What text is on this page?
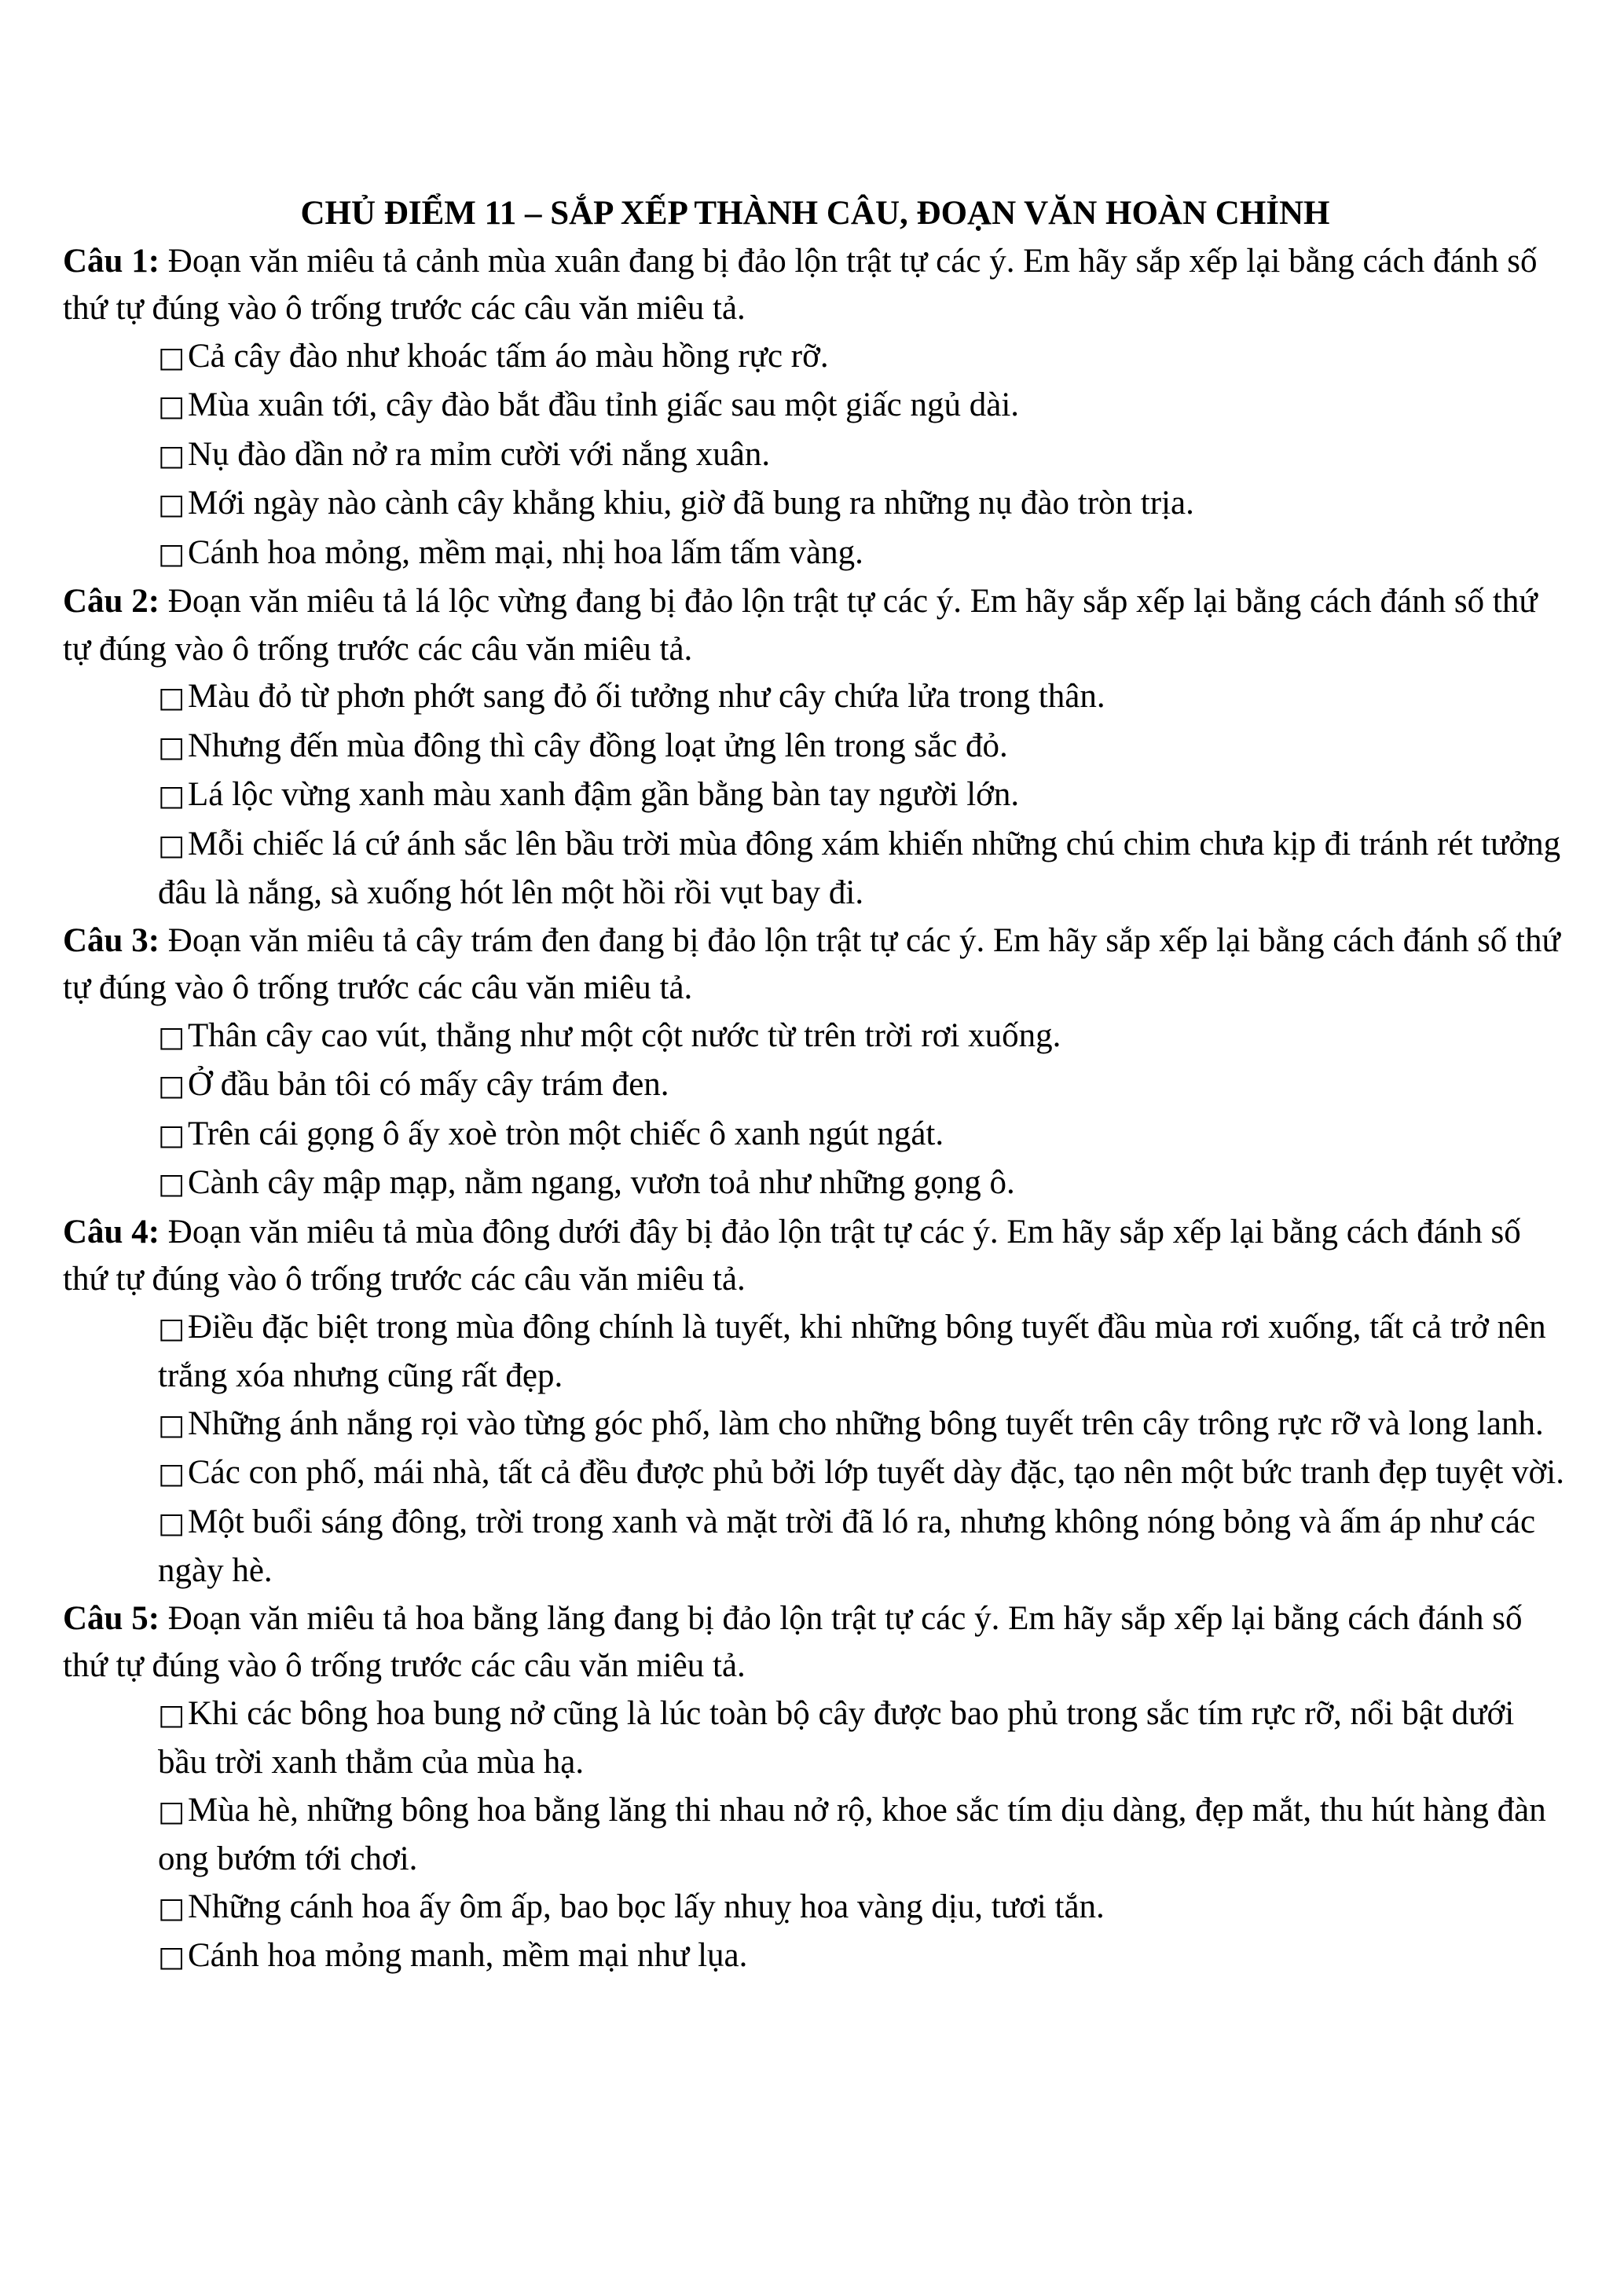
CHỦ ĐIỂM 11 – SẮP XẾP THÀNH CÂU, ĐOẠN VĂN HOÀN CHỈNH

Câu 1: Đoạn văn miêu tả cảnh mùa xuân đang bị đảo lộn trật tự các ý. Em hãy sắp xếp lại bằng cách đánh số thứ tự đúng vào ô trống trước các câu văn miêu tả.

□Cả cây đào như khoác tấm áo màu hồng rực rỡ.
□Mùa xuân tới, cây đào bắt đầu tỉnh giấc sau một giấc ngủ dài.
□Nụ đào dần nở ra mỉm cười với nắng xuân.
□Mới ngày nào cành cây khẳng khiu, giờ đã bung ra những nụ đào tròn trịa.
□Cánh hoa mỏng, mềm mại, nhị hoa lấm tấm vàng.

Câu 2: Đoạn văn miêu tả lá lộc vừng đang bị đảo lộn trật tự các ý. Em hãy sắp xếp lại bằng cách đánh số thứ tự đúng vào ô trống trước các câu văn miêu tả.

□Màu đỏ từ phơn phớt sang đỏ ối tưởng như cây chứa lửa trong thân.
□Nhưng đến mùa đông thì cây đồng loạt ửng lên trong sắc đỏ.
□Lá lộc vừng xanh màu xanh đậm gần bằng bàn tay người lớn.
□Mỗi chiếc lá cứ ánh sắc lên bầu trời mùa đông xám khiến những chú chim chưa kịp đi tránh rét tưởng đâu là nắng, sà xuống hót lên một hồi rồi vụt bay đi.

Câu 3: Đoạn văn miêu tả cây trám đen đang bị đảo lộn trật tự các ý. Em hãy sắp xếp lại bằng cách đánh số thứ tự đúng vào ô trống trước các câu văn miêu tả.

□Thân cây cao vút, thẳng như một cột nước từ trên trời rơi xuống.
□Ở đầu bản tôi có mấy cây trám đen.
□Trên cái gọng ô ấy xoè tròn một chiếc ô xanh ngút ngát.
□Cành cây mập mạp, nằm ngang, vươn toả như những gọng ô.

Câu 4: Đoạn văn miêu tả mùa đông dưới đây bị đảo lộn trật tự các ý. Em hãy sắp xếp lại bằng cách đánh số thứ tự đúng vào ô trống trước các câu văn miêu tả.

□Điều đặc biệt trong mùa đông chính là tuyết, khi những bông tuyết đầu mùa rơi xuống, tất cả trở nên trắng xóa nhưng cũng rất đẹp.
□Những ánh nắng rọi vào từng góc phố, làm cho những bông tuyết trên cây trông rực rỡ và long lanh.
□Các con phố, mái nhà, tất cả đều được phủ bởi lớp tuyết dày đặc, tạo nên một bức tranh đẹp tuyệt vời.
□Một buổi sáng đông, trời trong xanh và mặt trời đã ló ra, nhưng không nóng bỏng và ấm áp như các ngày hè.

Câu 5: Đoạn văn miêu tả hoa bằng lăng đang bị đảo lộn trật tự các ý. Em hãy sắp xếp lại bằng cách đánh số thứ tự đúng vào ô trống trước các câu văn miêu tả.

□Khi các bông hoa bung nở cũng là lúc toàn bộ cây được bao phủ trong sắc tím rực rỡ, nổi bật dưới bầu trời xanh thẳm của mùa hạ.
□Mùa hè, những bông hoa bằng lăng thi nhau nở rộ, khoe sắc tím dịu dàng, đẹp mắt, thu hút hàng đàn ong bướm tới chơi.
□Những cánh hoa ấy ôm ấp, bao bọc lấy nhuỵ hoa vàng dịu, tươi tắn.
□Cánh hoa mỏng manh, mềm mại như lụa.
